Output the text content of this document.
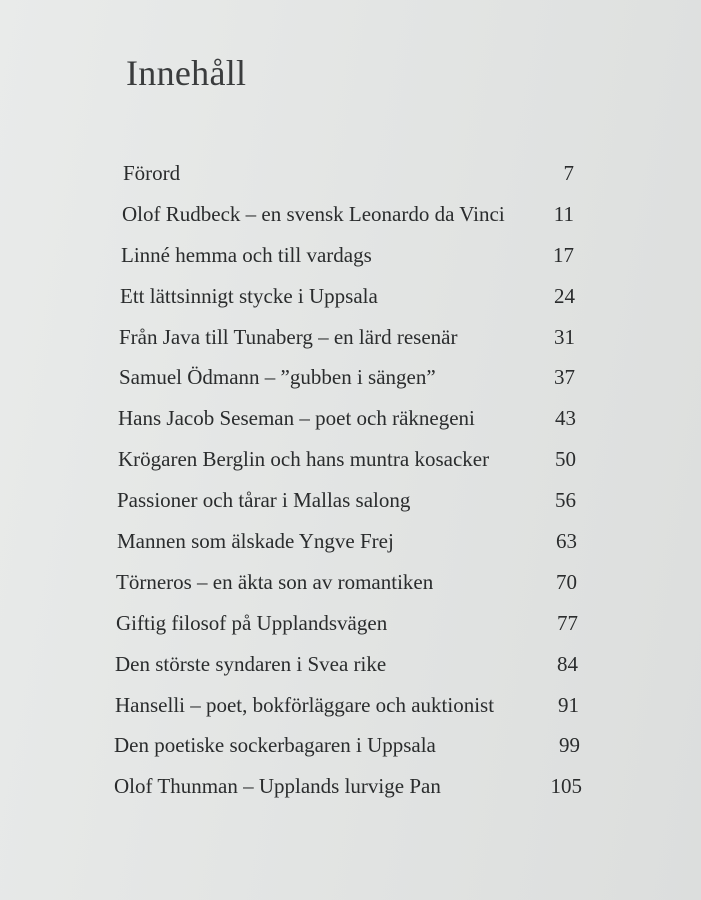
Innehåll
Förord	7
Olof Rudbeck – en svensk Leonardo da Vinci	11
Linné hemma och till vardags	17
Ett lättsinnigt stycke i Uppsala	24
Från Java till Tunaberg – en lärd resenär	31
Samuel Ödmann – ”gubben i sängen”	37
Hans Jacob Seseman – poet och räknegeni	43
Krögaren Berglin och hans muntra kosacker	50
Passioner och tårar i Mallas salong	56
Mannen som älskade Yngve Frej	63
Törneros – en äkta son av romantiken	70
Giftig filosof på Upplandsvägen	77
Den störste syndaren i Svea rike	84
Hanselli – poet, bokförläggare och auktionist	91
Den poetiske sockerbagaren i Uppsala	99
Olof Thunman – Upplands lurvige Pan	105
